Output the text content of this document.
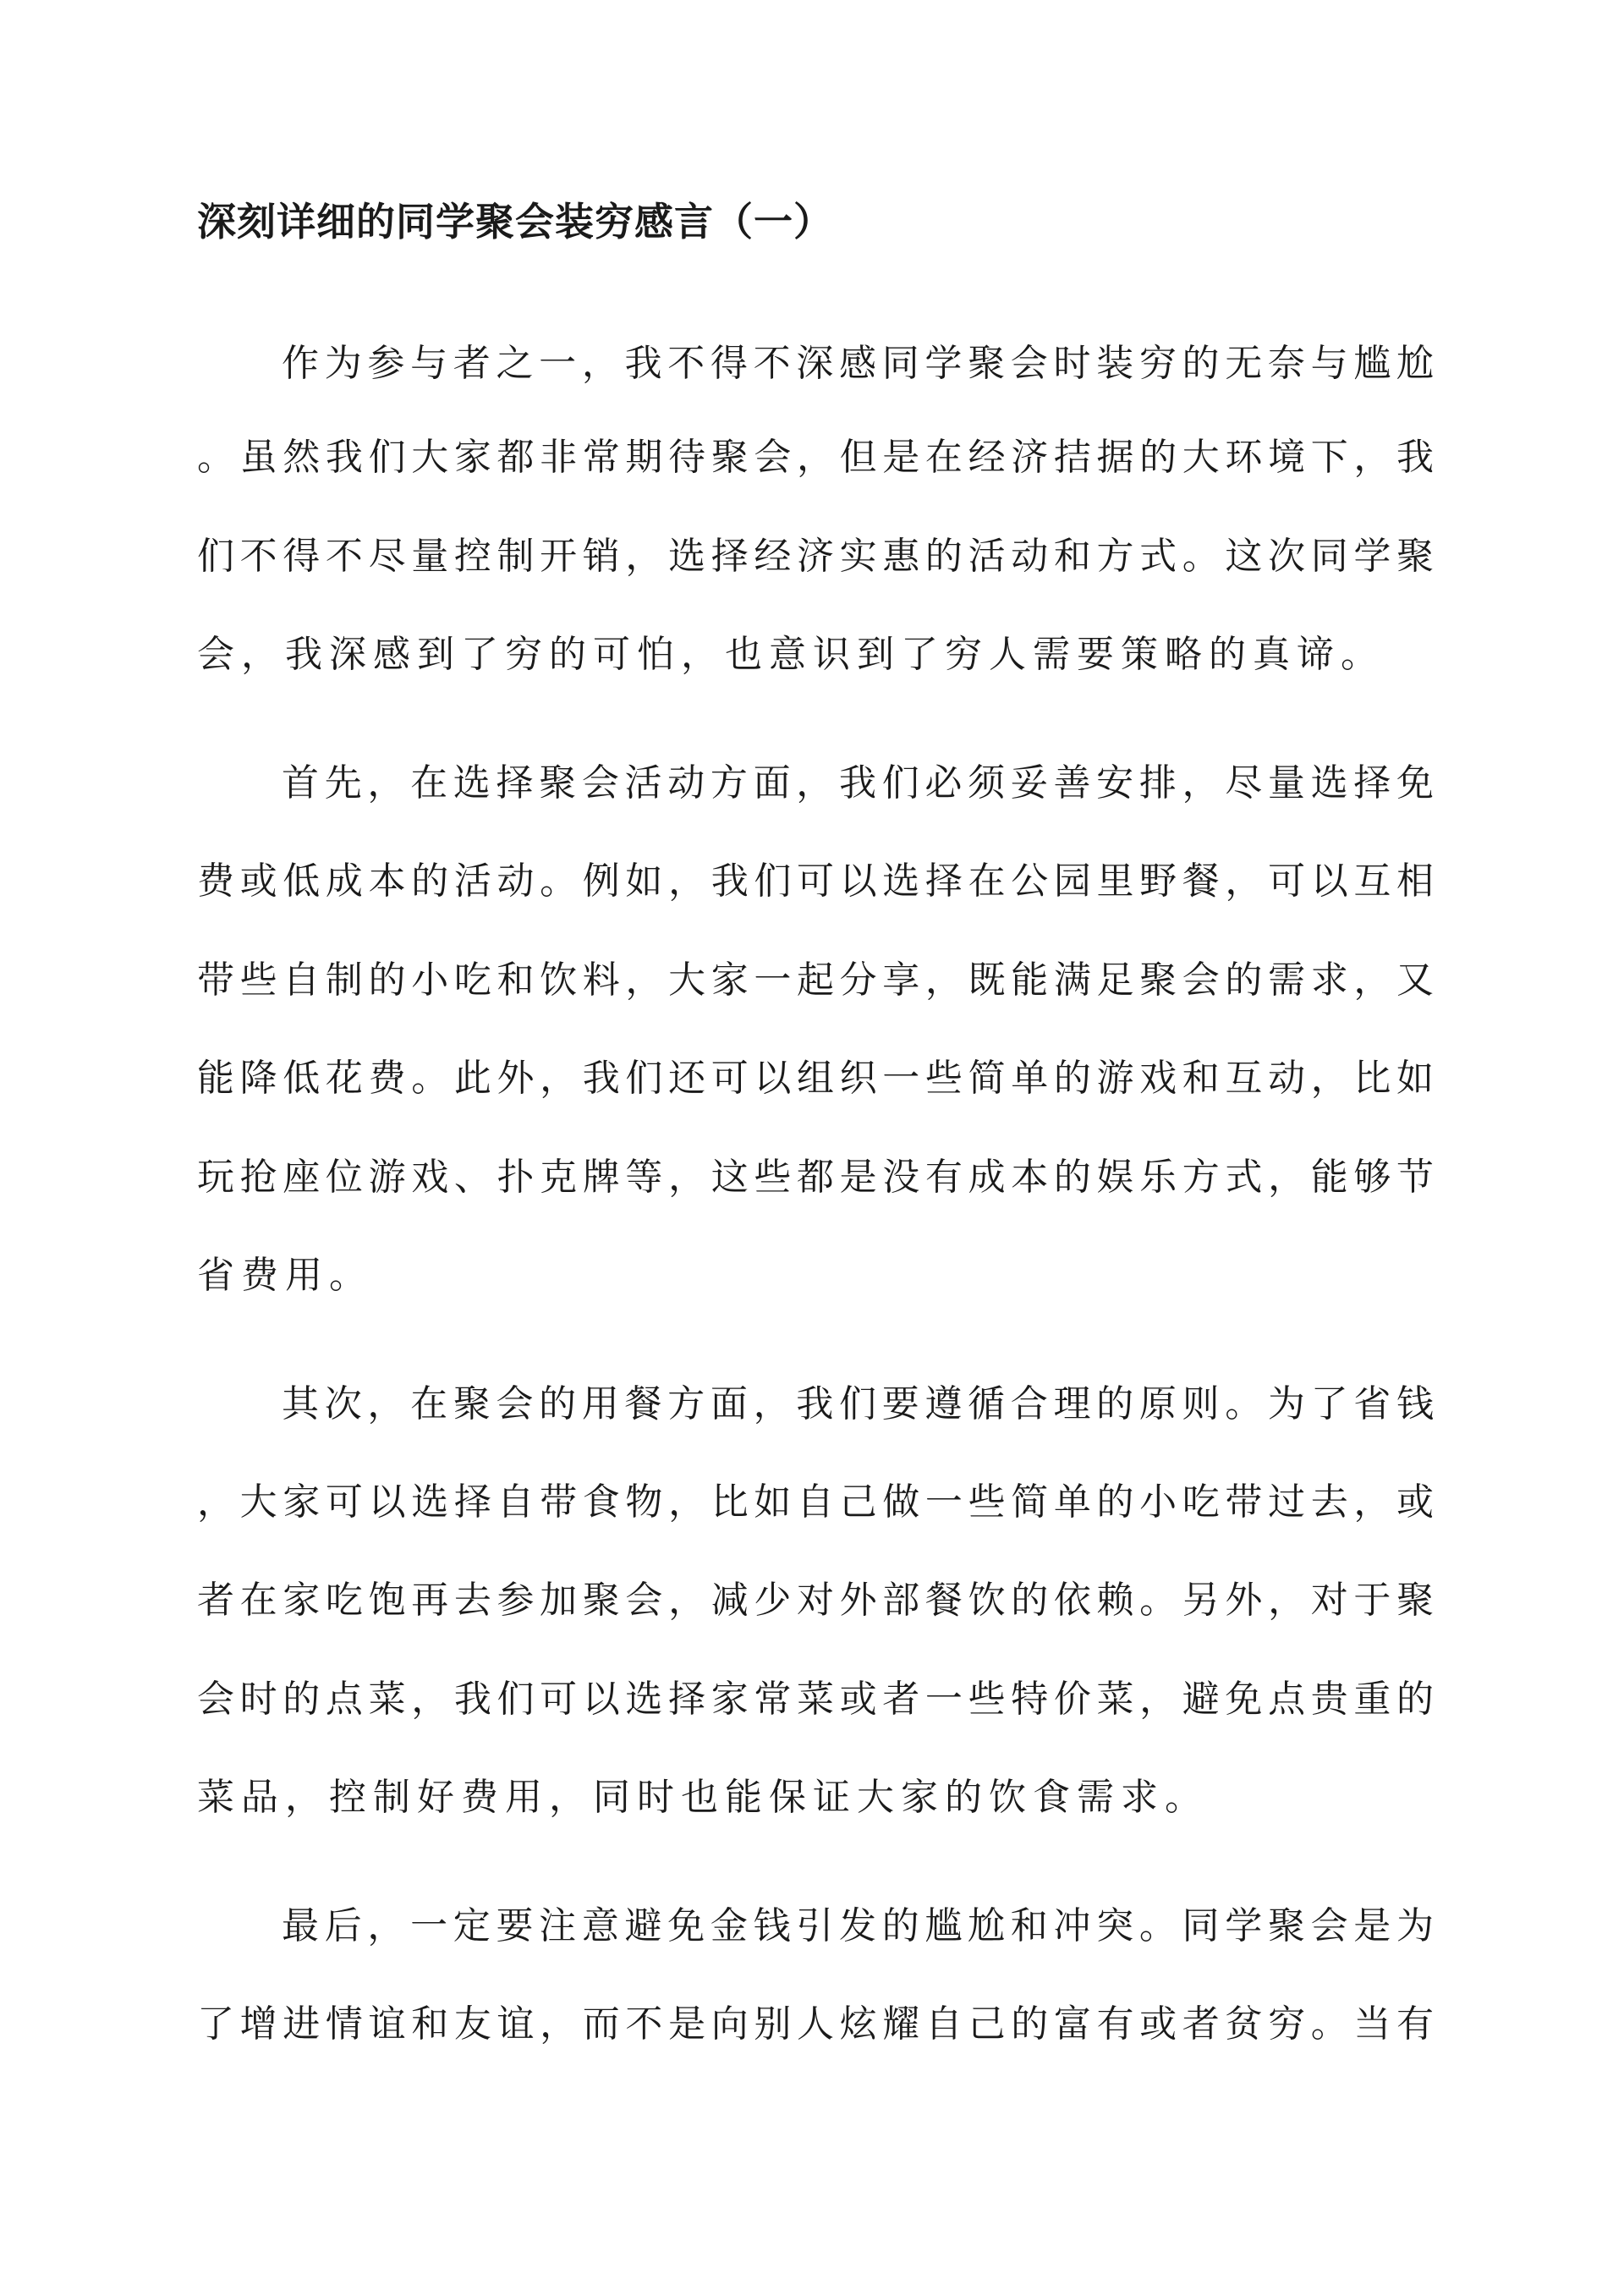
深刻详细的同学聚会装穷感言（一）
作为参与者之一，我不得不深感同学聚会时装穷的无奈与尴尬
。虽然我们大家都非常期待聚会，但是在经济拮据的大环境下，我
们不得不尽量控制开销，选择经济实惠的活动和方式。这次同学聚
会，我深感到了穷的可怕，也意识到了穷人需要策略的真谛。
首先，在选择聚会活动方面，我们必须妥善安排，尽量选择免
费或低成本的活动。例如，我们可以选择在公园里野餐，可以互相
带些自制的小吃和饮料，大家一起分享，既能满足聚会的需求，又
能降低花费。此外，我们还可以组织一些简单的游戏和互动，比如
玩抢座位游戏、扑克牌等，这些都是没有成本的娱乐方式，能够节
省费用。
其次，在聚会的用餐方面，我们要遵循合理的原则。为了省钱
，大家可以选择自带食物，比如自己做一些简单的小吃带过去，或
者在家吃饱再去参加聚会，减少对外部餐饮的依赖。另外，对于聚
会时的点菜，我们可以选择家常菜或者一些特价菜，避免点贵重的
菜品，控制好费用，同时也能保证大家的饮食需求。
最后，一定要注意避免金钱引发的尴尬和冲突。同学聚会是为
了增进情谊和友谊，而不是向别人炫耀自己的富有或者贫穷。当有
